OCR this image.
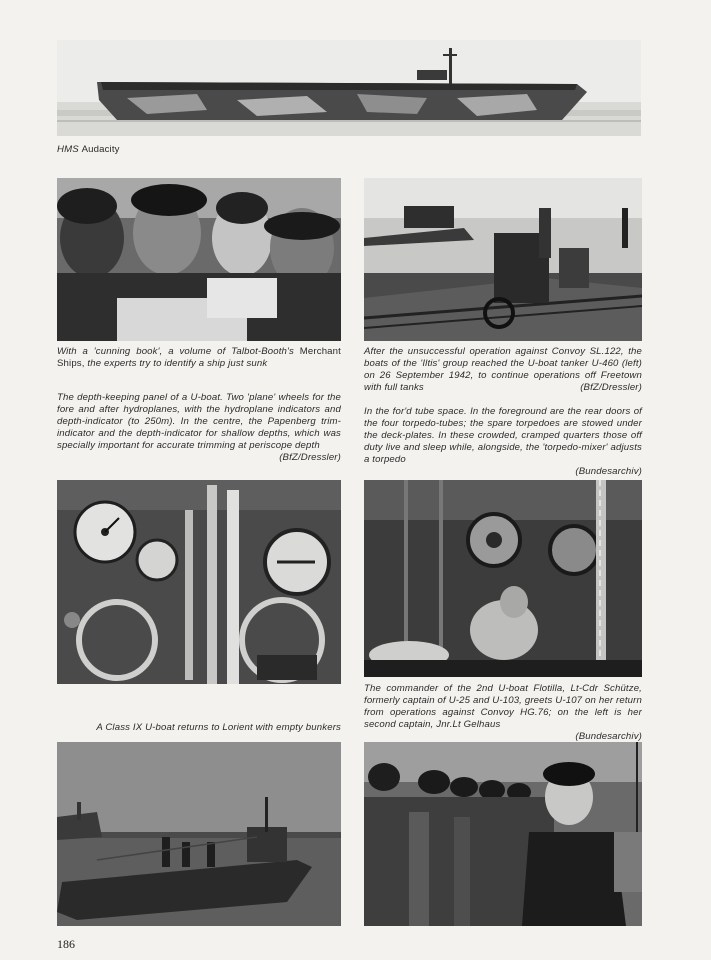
HMS Audacity
With a 'cunning book', a volume of Talbot-Booth's Merchant Ships, the experts try to identify a ship just sunk
After the unsuccessful operation against Convoy SL.122, the boats of the 'Iltis' group reached the U-boat tanker U-460 (left) on 26 September 1942, to continue operations off Freetown with full tanks	(BfZ/Dressler)
The depth-keeping panel of a U-boat. Two 'plane' wheels for the fore and after hydroplanes, with the hydroplane indicators and depth-indicator (to 250m). In the centre, the Papenberg trim-indicator and the depth-indicator for shallow depths, which was specially important for accurate trimming at periscope depth
(BfZ/Dressler)
In the for'd tube space. In the foreground are the rear doors of the four torpedo-tubes; the spare torpedoes are stowed under the deck-plates. In these crowded, cramped quarters those off duty live and sleep while, alongside, the 'torpedo-mixer' adjusts a torpedo
(Bundesarchiv)
A Class IX U-boat returns to Lorient with empty bunkers
The commander of the 2nd U-boat Flotilla, Lt-Cdr Schütze, formerly captain of U-25 and U-103, greets U-107 on her return from operations against Convoy HG.76; on the left is her second captain, Jnr.Lt Gelhaus
(Bundesarchiv)
186
